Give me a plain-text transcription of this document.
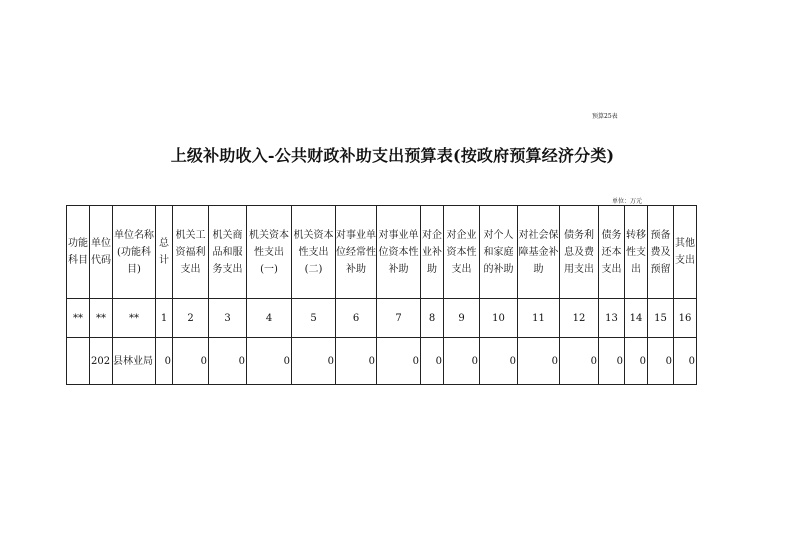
预算25表
上级补助收入-公共财政补助支出预算表(按政府预算经济分类)
单位：万元
功能科目	单位代码	单位名称(功能科目)	总计	机关工资福利支出	机关商品和服务支出	机关资本性支出(一)	机关资本性支出(二)	对事业单位经常性补助	对事业单位资本性补助	对企业补助	对企业资本性支出	对个人和家庭的补助	对社会保障基金补助	债务利息及费用支出	债务还本支出	转移性支出	预备费及预留	其他支出
**	**	**	1	2	3	4	5	6	7	8	9	10	11	12	13	14	15	16
	202	县林业局	0	0	0	0	0	0	0	0	0	0	0	0	0	0	0	0
